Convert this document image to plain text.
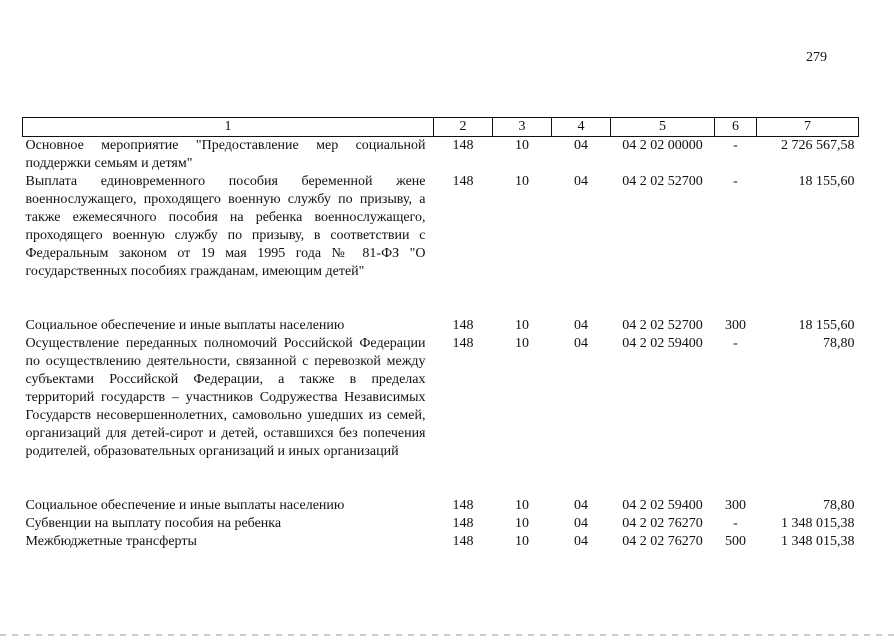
279
1	2	3	4	5	6	7
Основное мероприятие "Предоставление мер социальной поддержки семьям и детям"	148	10	04	04 2 02 00000	-	2 726 567,58
Выплата единовременного пособия беременной жене военнослужащего, проходящего военную службу по призыву, а также ежемесячного пособия на ребенка военнослужащего, проходящего военную службу по призыву, в соответствии с Федеральным законом от 19 мая 1995 года № 81-ФЗ "О государственных пособиях гражданам, имеющим детей"	148	10	04	04 2 02 52700	-	18 155,60
Социальное обеспечение и иные выплаты населению	148	10	04	04 2 02 52700	300	18 155,60
Осуществление переданных полномочий Российской Федерации по осуществлению деятельности, связанной с перевозкой между субъектами Российской Федерации, а также в пределах территорий государств – участников Содружества Независимых Государств несовершеннолетних, самовольно ушедших из семей, организаций для детей-сирот и детей, оставшихся без попечения родителей, образовательных организаций и иных организаций	148	10	04	04 2 02 59400	-	78,80
Социальное обеспечение и иные выплаты населению	148	10	04	04 2 02 59400	300	78,80
Субвенции на выплату пособия на ребенка	148	10	04	04 2 02 76270	-	1 348 015,38
Межбюджетные трансферты	148	10	04	04 2 02 76270	500	1 348 015,38
